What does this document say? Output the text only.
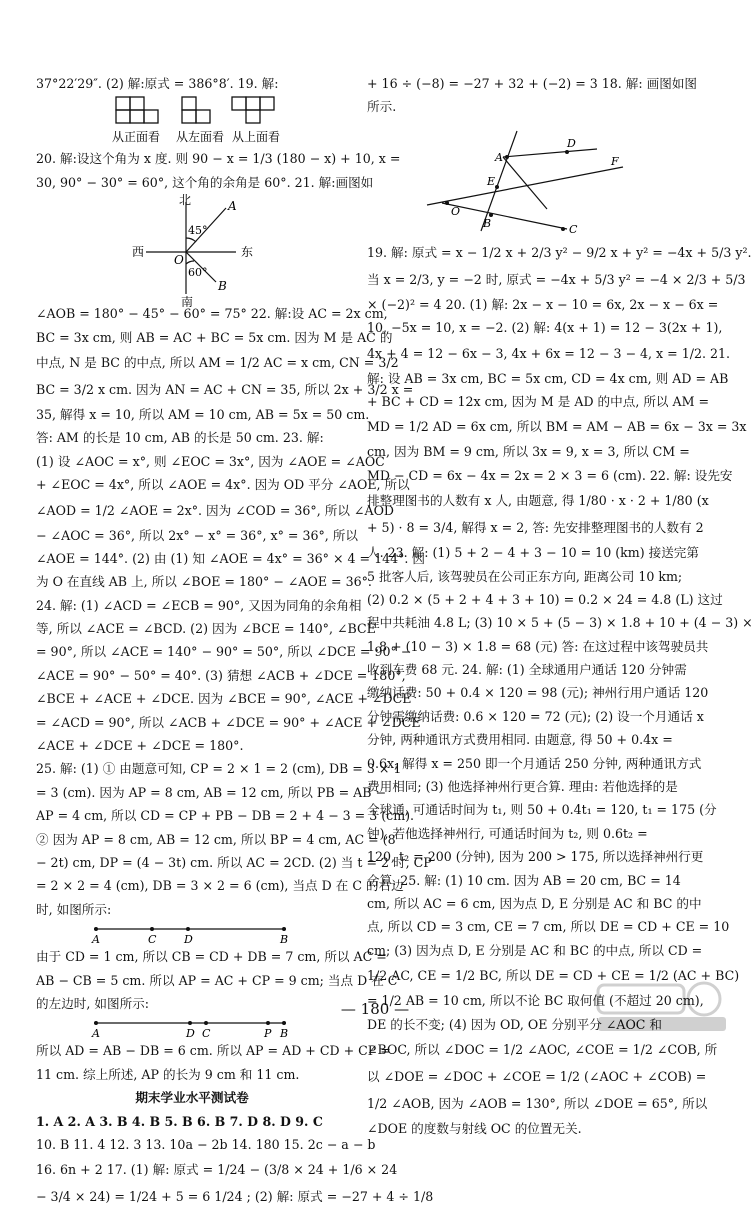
37°22′29″. (2) 解:原式 = 386°8′. 19. 解:
从正面看 从左面看 从上面看
20. 解:设这个角为 x 度. 则 90 − x = 1/3 (180 − x) + 10, x =
30, 90° − 30° = 60°, 这个角的余角是 60°. 21. 解:画图如
北
南
西	东
O
A
B
45°
60°
∠AOB = 180° − 45° − 60° = 75° 22. 解:设 AC = 2x cm,
BC = 3x cm, 则 AB = AC + BC = 5x cm. 因为 M 是 AC 的
中点, N 是 BC 的中点, 所以 AM = 1/2 AC = x cm, CN = 3/2
BC = 3/2 x cm. 因为 AN = AC + CN = 35, 所以 2x + 3/2 x =
35, 解得 x = 10, 所以 AM = 10 cm, AB = 5x = 50 cm.
答: AM 的长是 10 cm, AB 的长是 50 cm. 23. 解:
(1) 设 ∠AOC = x°, 则 ∠EOC = 3x°, 因为 ∠AOE = ∠AOC
+ ∠EOC = 4x°, 所以 ∠AOE = 4x°. 因为 OD 平分 ∠AOE, 所以
∠AOD = 1/2 ∠AOE = 2x°. 因为 ∠COD = 36°, 所以 ∠AOD
− ∠AOC = 36°, 所以 2x° − x° = 36°, x° = 36°, 所以
∠AOE = 144°. (2) 由 (1) 知 ∠AOE = 4x° = 36° × 4 = 144°. 因
为 O 在直线 AB 上, 所以 ∠BOE = 180° − ∠AOE = 36°.
24. 解: (1) ∠ACD = ∠ECB = 90°, 又因为同角的余角相
等, 所以 ∠ACE = ∠BCD. (2) 因为 ∠BCE = 140°, ∠BCE
= 90°, 所以 ∠ACE = 140° − 90° = 50°, 所以 ∠DCE = 90° −
∠ACE = 90° − 50° = 40°. (3) 猜想 ∠ACB + ∠DCE = 180°,
∠BCE + ∠ACE + ∠DCE. 因为 ∠BCE = 90°, ∠ACE + ∠DCE
= ∠ACD = 90°, 所以 ∠ACB + ∠DCE = 90° + ∠ACE + ∠DCE
∠ACE + ∠DCE + ∠DCE = 180°.
25. 解: (1) ① 由题意可知, CP = 2 × 1 = 2 (cm), DB = 3 × 1
= 3 (cm). 因为 AP = 8 cm, AB = 12 cm, 所以 PB = AB −
AP = 4 cm, 所以 CD = CP + PB − DB = 2 + 4 − 3 = 3 (cm).
② 因为 AP = 8 cm, AB = 12 cm, 所以 BP = 4 cm, AC = (8
− 2t) cm, DP = (4 − 3t) cm. 所以 AC = 2CD. (2) 当 t = 2 时, CP
= 2 × 2 = 4 (cm), DB = 3 × 2 = 6 (cm), 当点 D 在 C 的右边
时, 如图所示:
A	C	D	B
由于 CD = 1 cm, 所以 CB = CD + DB = 7 cm, 所以 AC =
AB − CB = 5 cm. 所以 AP = AC + CP = 9 cm; 当点 D 在 C
的左边时, 如图所示:
A	D C	P B
所以 AD = AB − DB = 6 cm. 所以 AP = AD + CD + CP =
11 cm. 综上所述, AP 的长为 9 cm 和 11 cm.
期末学业水平测试卷
1. A 2. A 3. B 4. B 5. B 6. B 7. D 8. D 9. C
10. B 11. 4 12. 3 13. 10a − 2b 14. 180 15. 2c − a − b
16. 6n + 2 17. (1) 解: 原式 = 1/24 − (3/8 × 24 + 1/6 × 24
− 3/4 × 24) = 1/24 + 5 = 6 1/24 ; (2) 解: 原式 = −27 + 4 ÷ 1/8
+ 16 ÷ (−8) = −27 + 32 + (−2) = 3 18. 解: 画图如图
所示.
A
D
F
E
O
B	C
19. 解: 原式 = x − 1/2 x + 2/3 y² − 9/2 x + y² = −4x + 5/3 y².
当 x = 2/3, y = −2 时, 原式 = −4x + 5/3 y² = −4 × 2/3 + 5/3
× (−2)² = 4 20. (1) 解: 2x − x − 10 = 6x, 2x − x − 6x =
10, −5x = 10, x = −2. (2) 解: 4(x + 1) = 12 − 3(2x + 1),
4x + 4 = 12 − 6x − 3, 4x + 6x = 12 − 3 − 4, x = 1/2. 21.
解: 设 AB = 3x cm, BC = 5x cm, CD = 4x cm, 则 AD = AB
+ BC + CD = 12x cm, 因为 M 是 AD 的中点, 所以 AM =
MD = 1/2 AD = 6x cm, 所以 BM = AM − AB = 6x − 3x = 3x
cm, 因为 BM = 9 cm, 所以 3x = 9, x = 3, 所以 CM =
MD − CD = 6x − 4x = 2x = 2 × 3 = 6 (cm). 22. 解: 设先安
排整理图书的人数有 x 人, 由题意, 得 1/80 · x · 2 + 1/80 (x
+ 5) · 8 = 3/4, 解得 x = 2, 答: 先安排整理图书的人数有 2
人. 23. 解: (1) 5 + 2 − 4 + 3 − 10 = 10 (km) 接送完第
5 批客人后, 该驾驶员在公司正东方向, 距离公司 10 km;
(2) 0.2 × (5 + 2 + 4 + 3 + 10) = 0.2 × 24 = 4.8 (L) 这过
程中共耗油 4.8 L; (3) 10 × 5 + (5 − 3) × 1.8 + 10 + (4 − 3) ×
1.8 + (10 − 3) × 1.8 = 68 (元) 答: 在这过程中该驾驶员共
收到车费 68 元. 24. 解: (1) 全球通用户通话 120 分钟需
缴纳话费: 50 + 0.4 × 120 = 98 (元); 神州行用户通话 120
分钟需缴纳话费: 0.6 × 120 = 72 (元); (2) 设一个月通话 x
分钟, 两种通讯方式费用相同. 由题意, 得 50 + 0.4x =
0.6x, 解得 x = 250 即一个月通话 250 分钟, 两种通讯方式
费用相同; (3) 他选择神州行更合算. 理由: 若他选择的是
全球通, 可通话时间为 t₁, 则 50 + 0.4t₁ = 120, t₁ = 175 (分
钟), 若他选择神州行, 可通话时间为 t₂, 则 0.6t₂ =
120, t₂ = 200 (分钟), 因为 200 > 175, 所以选择神州行更
合算. 25. 解: (1) 10 cm. 因为 AB = 20 cm, BC = 14
cm, 所以 AC = 6 cm, 因为点 D, E 分别是 AC 和 BC 的中
点, 所以 CD = 3 cm, CE = 7 cm, 所以 DE = CD + CE = 10
cm; (3) 因为点 D, E 分别是 AC 和 BC 的中点, 所以 CD =
1/2 AC, CE = 1/2 BC, 所以 DE = CD + CE = 1/2 (AC + BC)
= 1/2 AB = 10 cm, 所以不论 BC 取何值 (不超过 20 cm),
DE 的长不变; (4) 因为 OD, OE 分别平分 ∠AOC 和
∠BOC, 所以 ∠DOC = 1/2 ∠AOC, ∠COE = 1/2 ∠COB, 所
以 ∠DOE = ∠DOC + ∠COE = 1/2 (∠AOC + ∠COB) =
1/2 ∠AOB, 因为 ∠AOB = 130°, 所以 ∠DOE = 65°, 所以
∠DOE 的度数与射线 OC 的位置无关.
— 180 —
